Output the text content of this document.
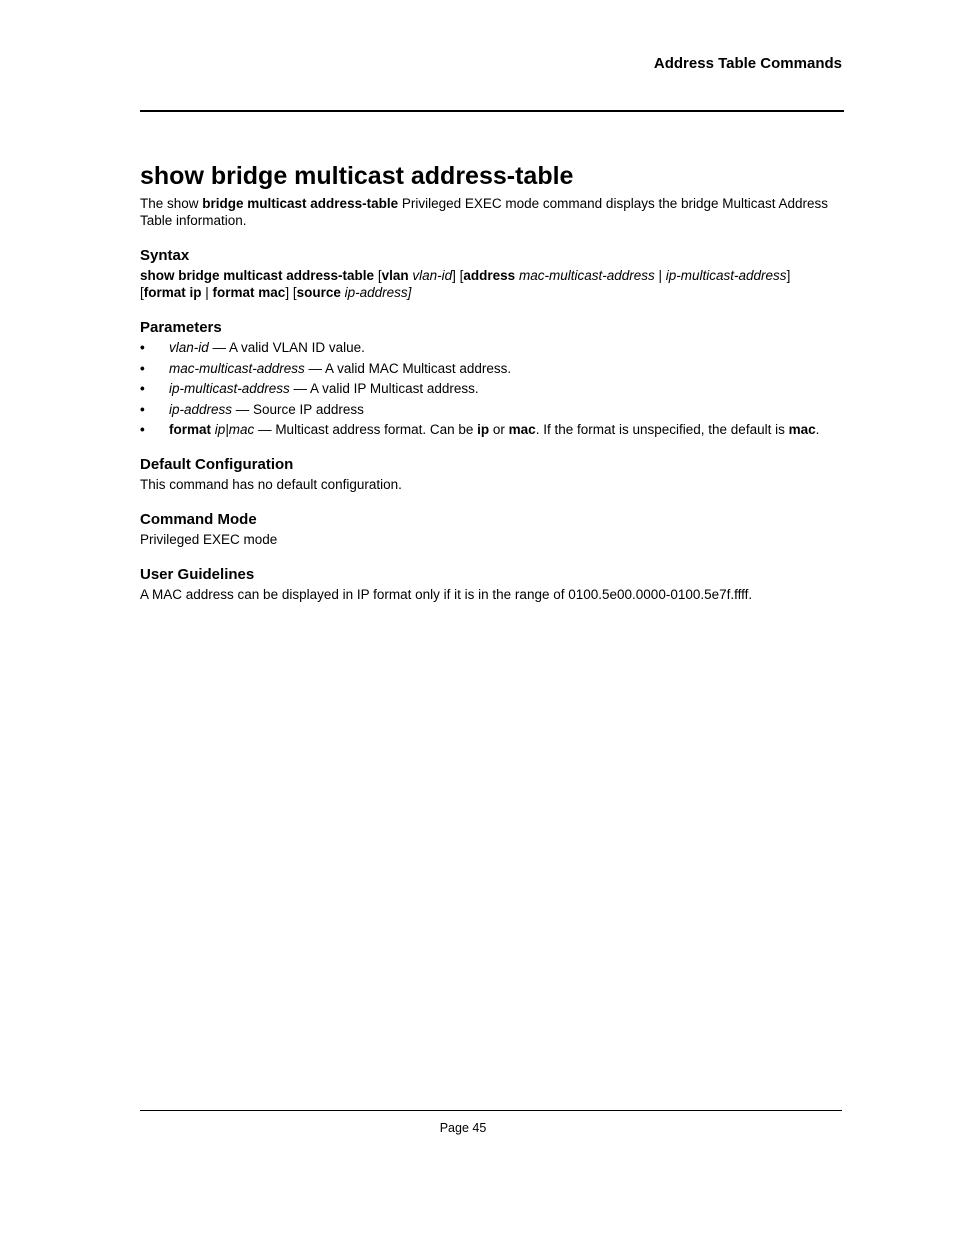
Address Table Commands
show bridge multicast address-table

The show bridge multicast address-table Privileged EXEC mode command displays the bridge Multicast Address Table information.

Syntax

show bridge multicast address-table [vlan vlan-id] [address mac-multicast-address | ip-multicast-address]

[format ip | format mac] [source ip-address]

Parameters
• vlan-id — A valid VLAN ID value.
• mac-multicast-address — A valid MAC Multicast address.
• ip-multicast-address — A valid IP Multicast address.
• ip-address — Source IP address
• format ip|mac — Multicast address format. Can be ip or mac. If the format is unspecified, the default is mac.
Default Configuration

This command has no default configuration.

Command Mode

Privileged EXEC mode

User Guidelines

A MAC address can be displayed in IP format only if it is in the range of 0100.5e00.0000-0100.5e7f.ffff.

Page 45
